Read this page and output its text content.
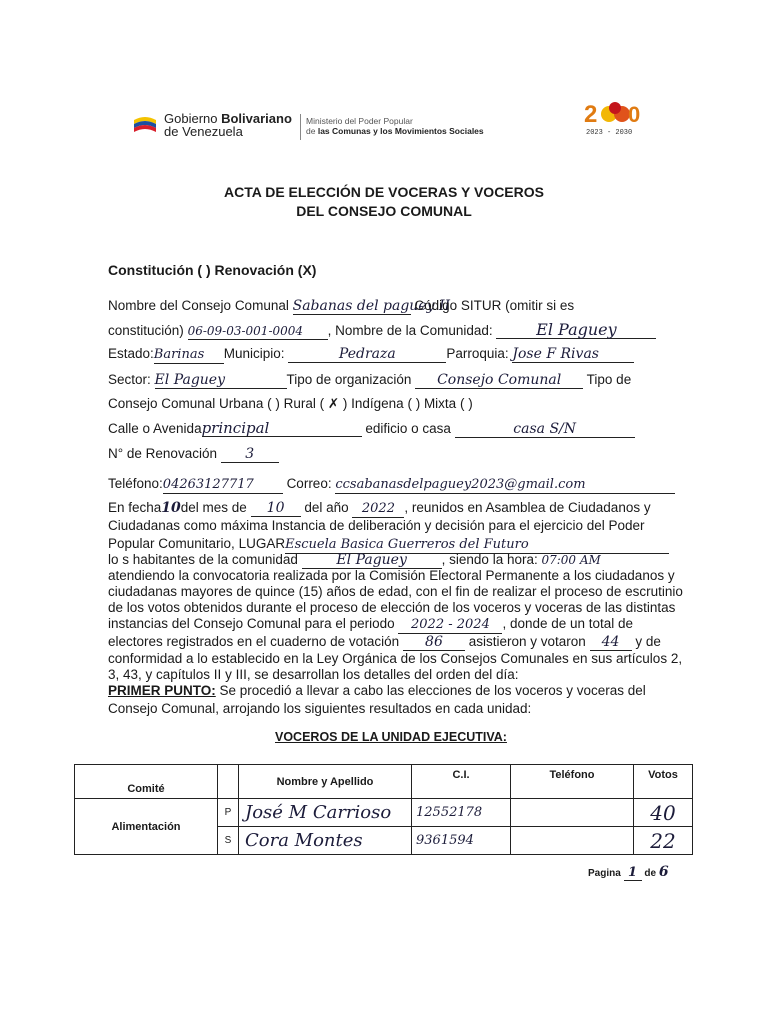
Gobierno Bolivariano
de Venezuela
Ministerio del Poder Popular
de las Comunas y los Movimientos Sociales
2 0
2023 - 2030
ACTA DE ELECCIÓN DE VOCERAS Y VOCEROS
DEL CONSEJO COMUNAL
Constitución ( ) Renovación (X)
Nombre del Consejo Comunal Sabanas del paguey II Código SITUR (omitir si es
constitución) 06-09-03-001-0004 , Nombre de la Comunidad:	El Paguey
Estado:Barinas Municipio:	Pedraza	Parroquia: Jose F Rivas
Sector: El Paguey	Tipo de organización Consejo Comunal Tipo de
Consejo Comunal Urbana ( ) Rural ( ✗ ) Indígena ( ) Mixta ( )
Calle o Avenidaprincipal	edificio o casa	casa S/N
N° de Renovación 3
Teléfono:04263127717 Correo: ccsabanasdelpaguey2023@gmail.com
En fecha10del mes de 10 del año 2022 , reunidos en Asamblea de Ciudadanos y
Ciudadanas como máxima Instancia de deliberación y decisión para el ejercicio del Poder
Popular Comunitario, LUGAREscuela Basica Guerreros del Futuro
lo s habitantes de la comunidad	El Paguey	, siendo la hora: 07:00 AM
atendiendo la convocatoria realizada por la Comisión Electoral Permanente a los ciudadanos y
ciudadanas mayores de quince (15) años de edad, con el fin de realizar el proceso de escrutinio
de los votos obtenidos durante el proceso de elección de los voceros y voceras de las distintas
instancias del Consejo Comunal para el periodo 2022 - 2024 , donde de un total de
electores registrados en el cuaderno de votación 86 asistieron y votaron 44 y de
conformidad a lo establecido en la Ley Orgánica de los Consejos Comunales en sus artículos 2,
3, 43, y capítulos II y III, se desarrollan los detalles del orden del día:
PRIMER PUNTO: Se procedió a llevar a cabo las elecciones de los voceros y voceras del
Consejo Comunal, arrojando los siguientes resultados en cada unidad:
VOCEROS DE LA UNIDAD EJECUTIVA:
Comité		Nombre y Apellido	C.I.	Teléfono	Votos
Alimentación	P	José M Carrioso	12552178		40
	S	Cora Montes	9361594		22
Pagina 1 de 6
